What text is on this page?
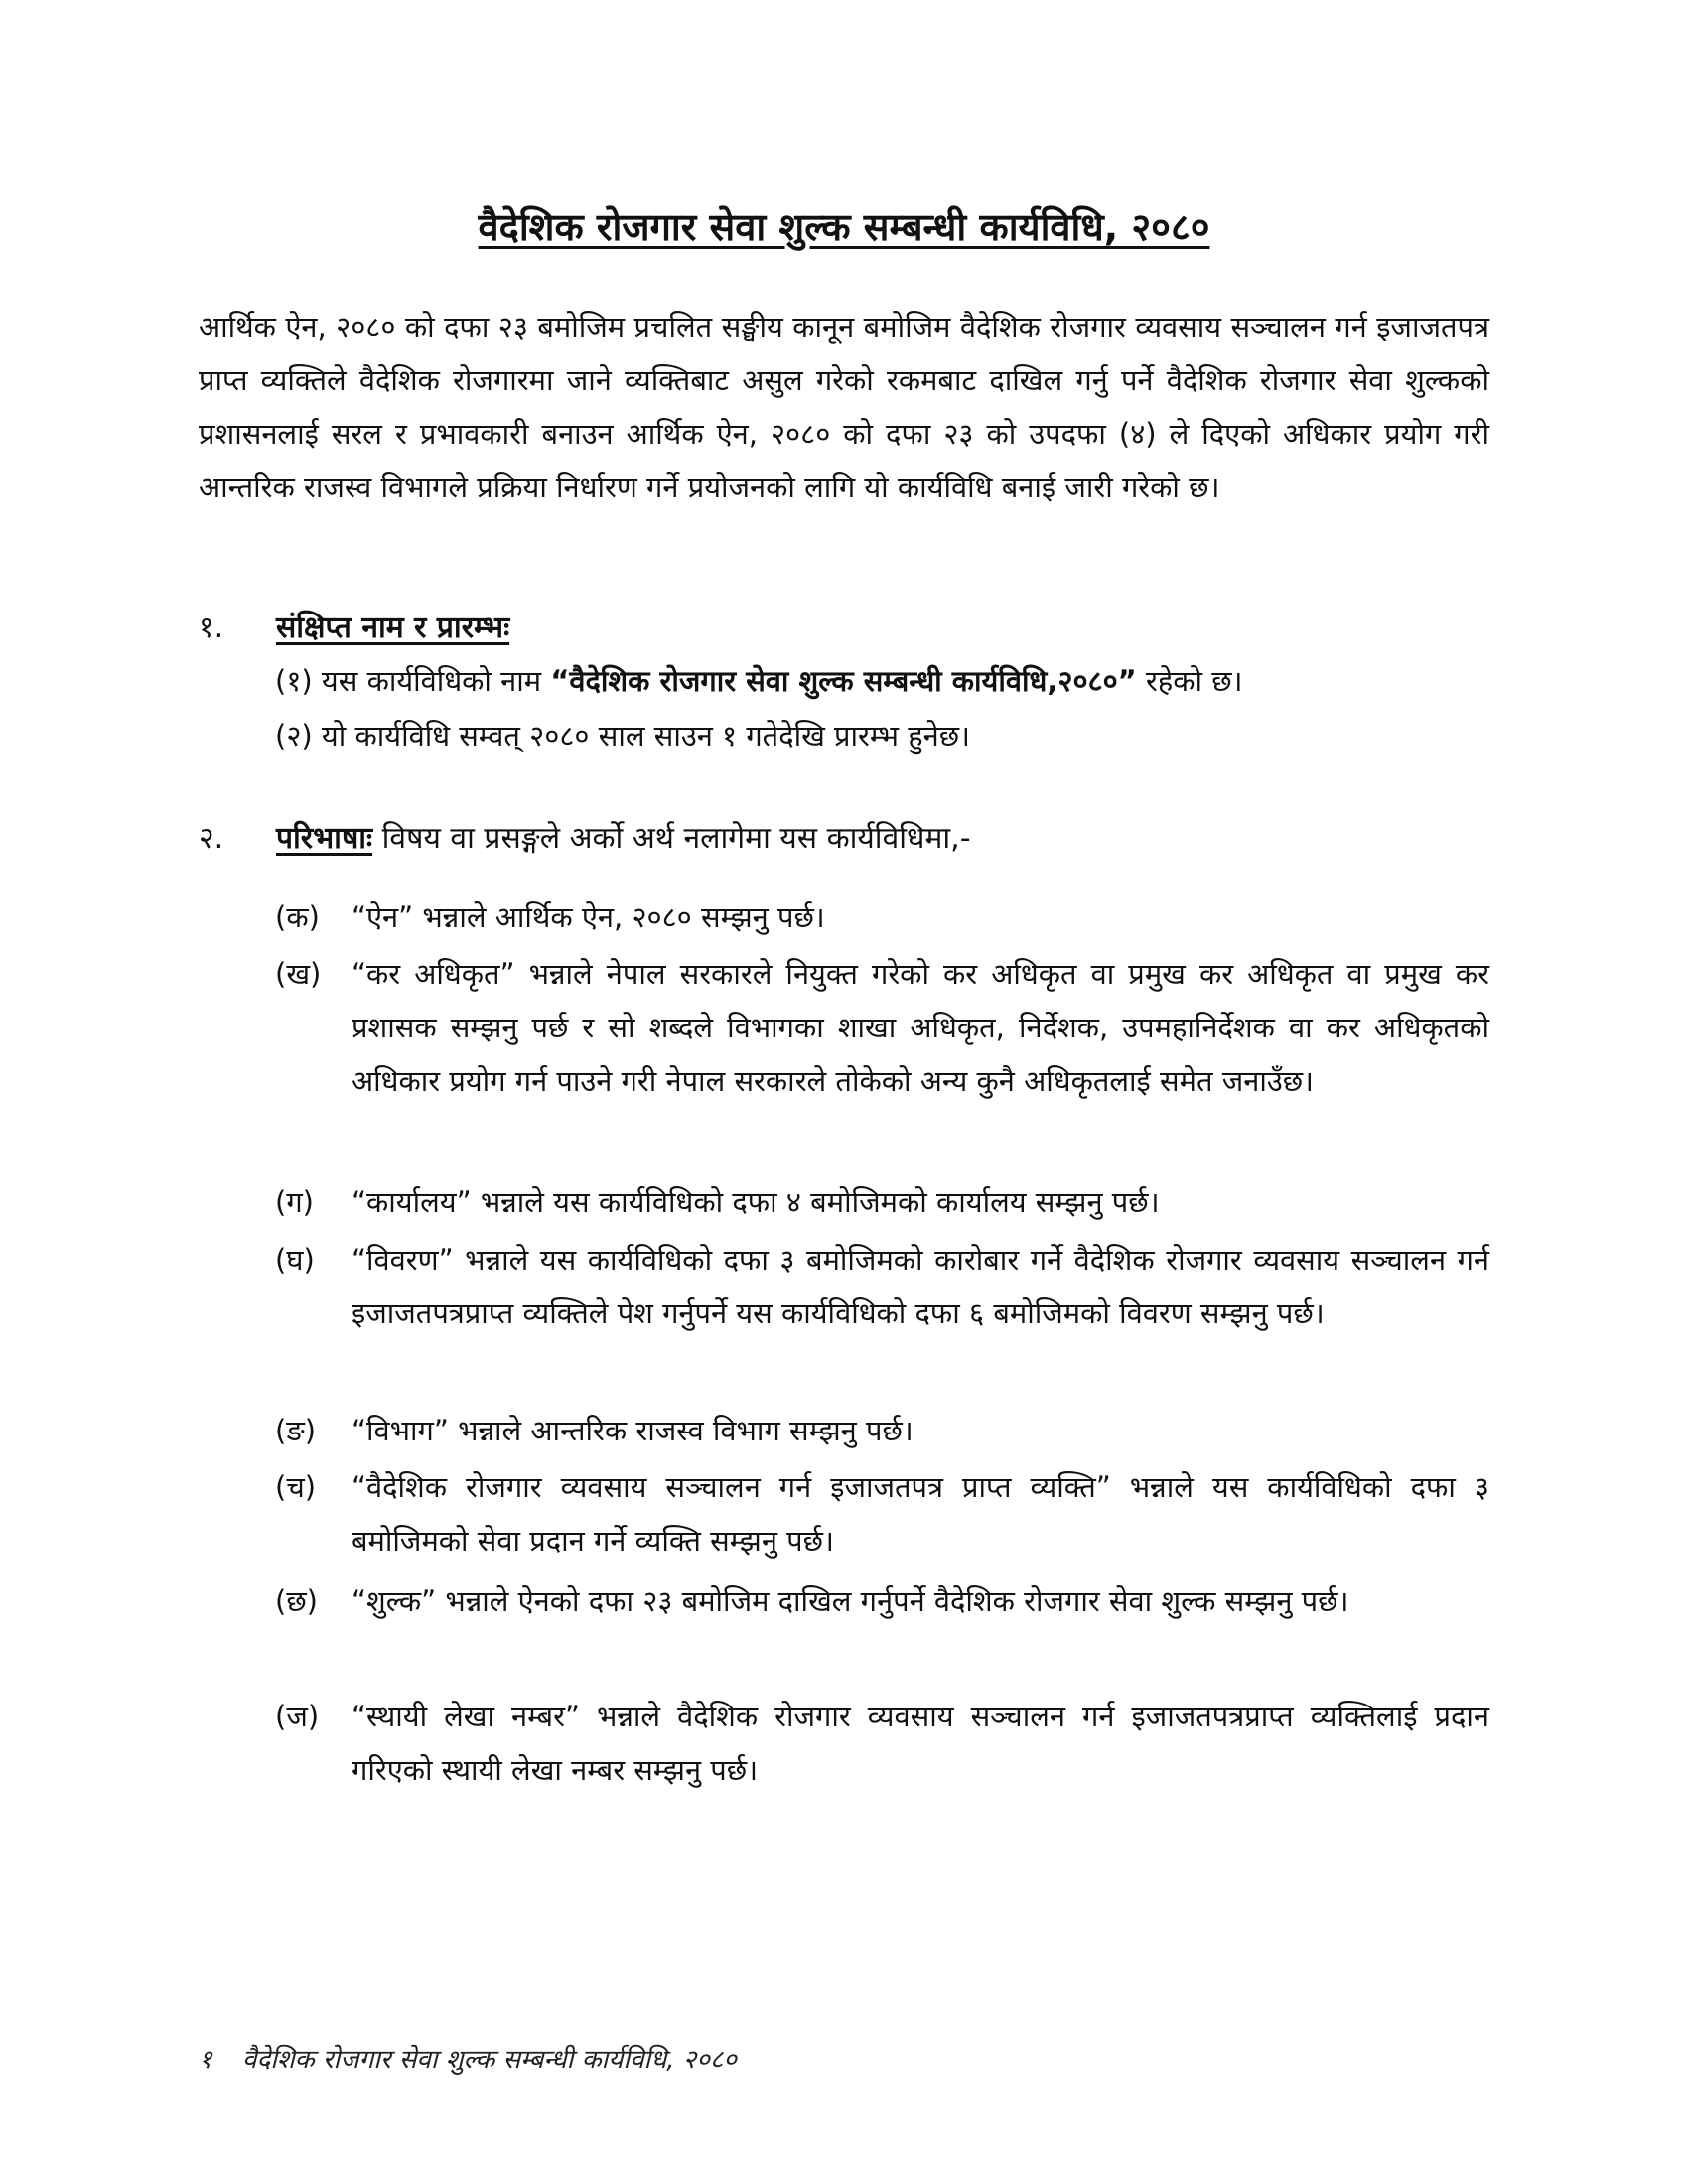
वैदेशिक रोजगार सेवा शुल्क सम्बन्धी कार्यविधि, २०८०
आर्थिक ऐन, २०८० को दफा २३ बमोजिम प्रचलित सङ्घीय कानून बमोजिम वैदेशिक रोजगार व्यवसाय सञ्चालन गर्न इजाजतपत्र प्राप्त व्यक्तिले वैदेशिक रोजगारमा जाने व्यक्तिबाट असुल गरेको रकमबाट दाखिल गर्नु पर्ने वैदेशिक रोजगार सेवा शुल्कको प्रशासनलाई सरल र प्रभावकारी बनाउन आर्थिक ऐन, २०८० को दफा २३ को उपदफा (४) ले दिएको अधिकार प्रयोग गरी आन्तरिक राजस्व विभागले प्रक्रिया निर्धारण गर्ने प्रयोजनको लागि यो कार्यविधि बनाई जारी गरेको छ।
१. संक्षिप्त नाम र प्रारम्भः
(१) यस कार्यविधिको नाम “वैदेशिक रोजगार सेवा शुल्क सम्बन्धी कार्यविधि,२०८०” रहेको छ।
(२) यो कार्यविधि सम्वत् २०८० साल साउन १ गतेदेखि प्रारम्भ हुनेछ।
२. परिभाषाः विषय वा प्रसङ्गले अर्को अर्थ नलागेमा यस कार्यविधिमा,-
(क)	“ऐन” भन्नाले आर्थिक ऐन, २०८० सम्झनु पर्छ।
(ख)	“कर अधिकृत” भन्नाले नेपाल सरकारले नियुक्त गरेको कर अधिकृत वा प्रमुख कर अधिकृत वा प्रमुख कर प्रशासक सम्झनु पर्छ र सो शब्दले विभागका शाखा अधिकृत, निर्देशक, उपमहानिर्देशक वा कर अधिकृतको अधिकार प्रयोग गर्न पाउने गरी नेपाल सरकारले तोकेको अन्य कुनै अधिकृतलाई समेत जनाउँछ।
(ग)	“कार्यालय” भन्नाले यस कार्यविधिको दफा ४ बमोजिमको कार्यालय सम्झनु पर्छ।
(घ)	“विवरण” भन्नाले यस कार्यविधिको दफा ३ बमोजिमको कारोबार गर्ने वैदेशिक रोजगार व्यवसाय सञ्चालन गर्न इजाजतपत्रप्राप्त व्यक्तिले पेश गर्नुपर्ने यस कार्यविधिको दफा ६ बमोजिमको विवरण सम्झनु पर्छ।
(ङ)	“विभाग” भन्नाले आन्तरिक राजस्व विभाग सम्झनु पर्छ।
(च)	“वैदेशिक रोजगार व्यवसाय सञ्चालन गर्न इजाजतपत्र प्राप्त व्यक्ति” भन्नाले यस कार्यविधिको दफा ३ बमोजिमको सेवा प्रदान गर्ने व्यक्ति सम्झनु पर्छ।
(छ)	“शुल्क” भन्नाले ऐनको दफा २३ बमोजिम दाखिल गर्नुपर्ने वैदेशिक रोजगार सेवा शुल्क सम्झनु पर्छ।
(ज)	“स्थायी लेखा नम्बर” भन्नाले वैदेशिक रोजगार व्यवसाय सञ्चालन गर्न इजाजतपत्रप्राप्त व्यक्तिलाई प्रदान गरिएको स्थायी लेखा नम्बर सम्झनु पर्छ।
१ वैदेशिक रोजगार सेवा शुल्क सम्बन्धी कार्यविधि, २०८०
